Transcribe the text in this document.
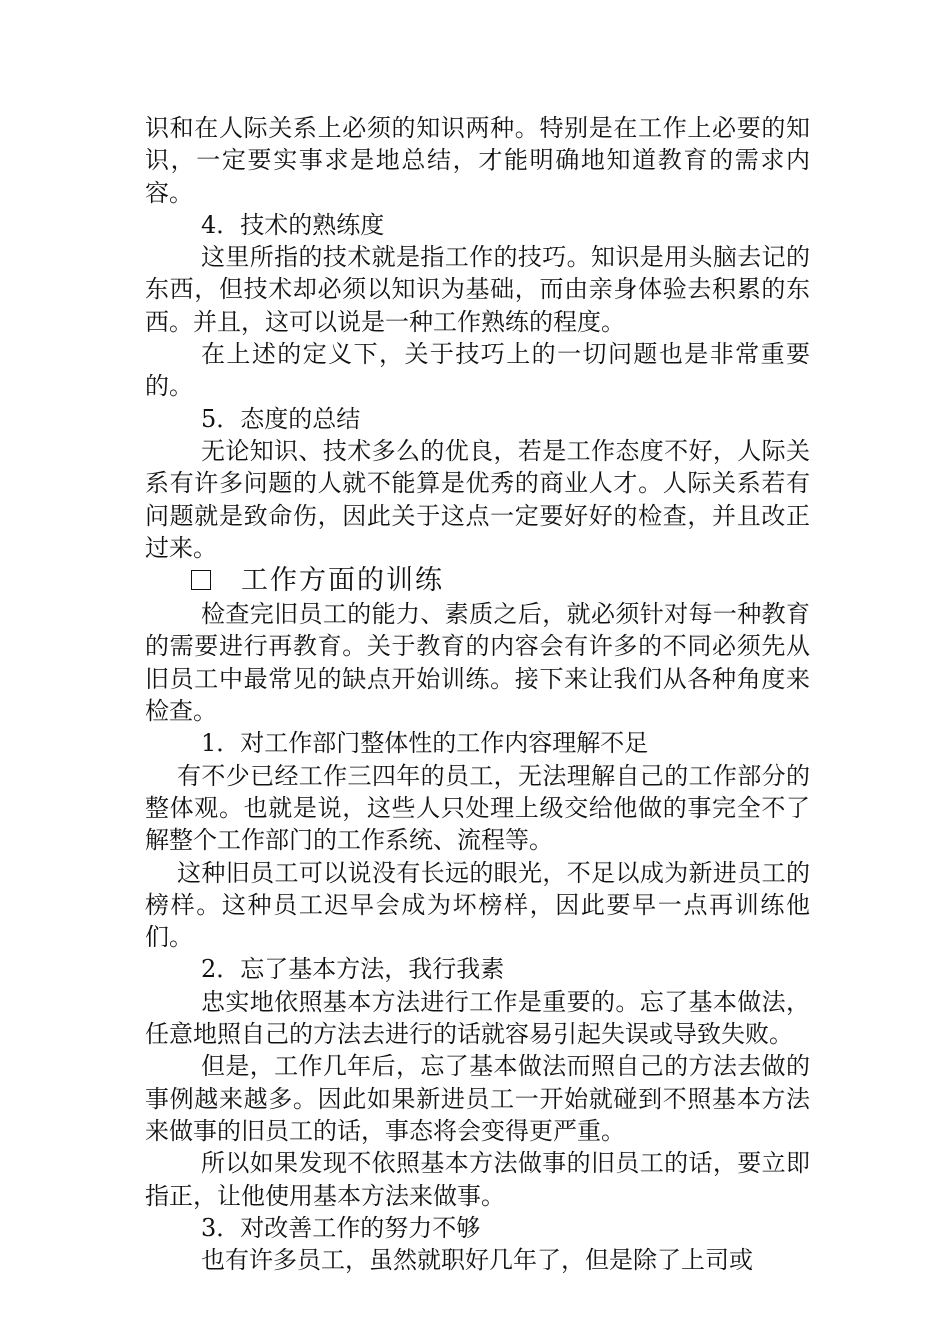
识和在人际关系上必须的知识两种。特别是在工作上必要的知识，一定要实事求是地总结，才能明确地知道教育的需求内容。

4．技术的熟练度

这里所指的技术就是指工作的技巧。知识是用头脑去记的东西，但技术却必须以知识为基础，而由亲身体验去积累的东西。并且，这可以说是一种工作熟练的程度。

在上述的定义下，关于技巧上的一切问题也是非常重要的。

5．态度的总结

无论知识、技术多么的优良，若是工作态度不好，人际关系有许多问题的人就不能算是优秀的商业人才。人际关系若有问题就是致命伤，因此关于这点一定要好好的检查，并且改正过来。

工作方面的训练

检查完旧员工的能力、素质之后，就必须针对每一种教育的需要进行再教育。关于教育的内容会有许多的不同必须先从旧员工中最常见的缺点开始训练。接下来让我们从各种角度来检查。

1．对工作部门整体性的工作内容理解不足

有不少已经工作三四年的员工，无法理解自己的工作部分的整体观。也就是说，这些人只处理上级交给他做的事完全不了解整个工作部门的工作系统、流程等。

这种旧员工可以说没有长远的眼光，不足以成为新进员工的榜样。这种员工迟早会成为坏榜样，因此要早一点再训练他们。

2．忘了基本方法，我行我素

忠实地依照基本方法进行工作是重要的。忘了基本做法，任意地照自己的方法去进行的话就容易引起失误或导致失败。

但是，工作几年后，忘了基本做法而照自己的方法去做的事例越来越多。因此如果新进员工一开始就碰到不照基本方法来做事的旧员工的话，事态将会变得更严重。

所以如果发现不依照基本方法做事的旧员工的话，要立即指正，让他使用基本方法来做事。

3．对改善工作的努力不够

也有许多员工，虽然就职好几年了，但是除了上司或
